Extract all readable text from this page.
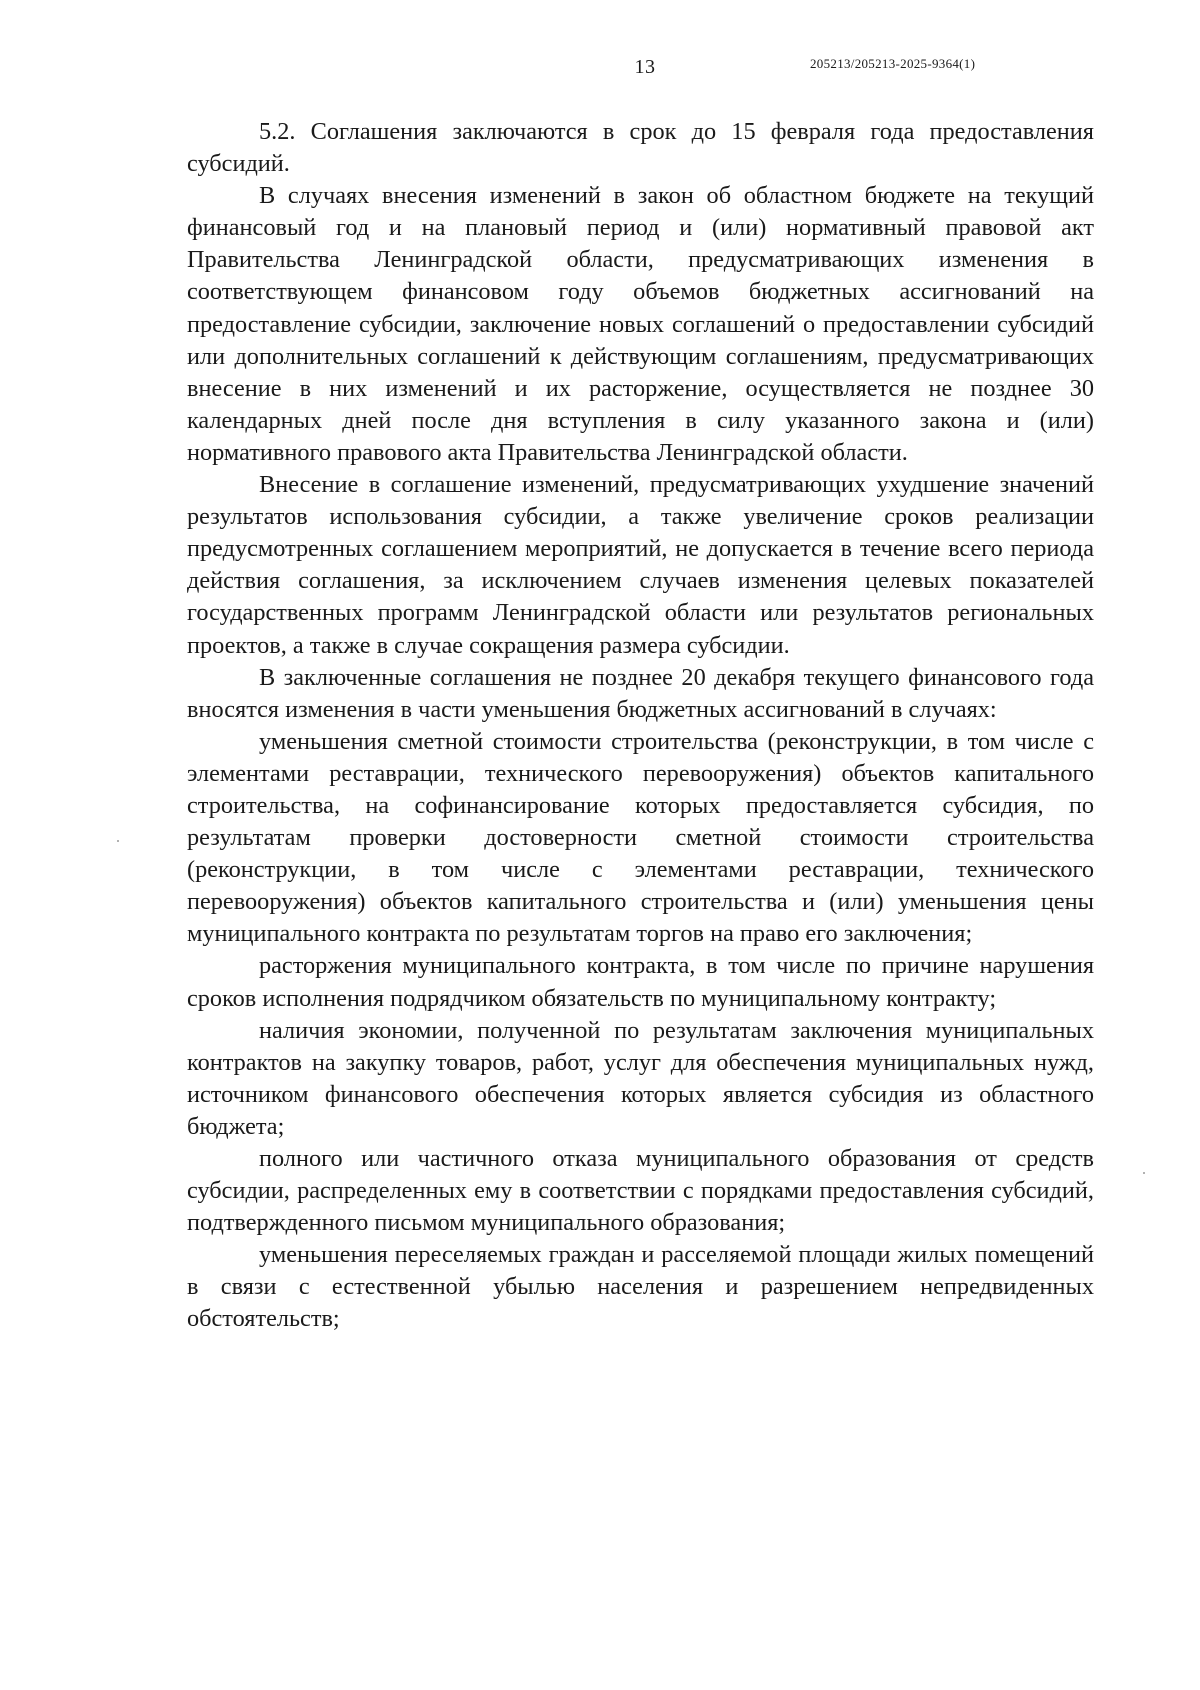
13	205213/205213-2025-9364(1)

5.2. Соглашения заключаются в срок до 15 февраля года предоставления субсидий.

В случаях внесения изменений в закон об областном бюджете на текущий финансовый год и на плановый период и (или) нормативный правовой акт Правительства Ленинградской области, предусматривающих изменения в соответствующем финансовом году объемов бюджетных ассигнований на предоставление субсидии, заключение новых соглашений о предоставлении субсидий или дополнительных соглашений к действующим соглашениям, предусматривающих внесение в них изменений и их расторжение, осуществляется не позднее 30 календарных дней после дня вступления в силу указанного закона и (или) нормативного правового акта Правительства Ленинградской области.

Внесение в соглашение изменений, предусматривающих ухудшение значений результатов использования субсидии, а также увеличение сроков реализации предусмотренных соглашением мероприятий, не допускается в течение всего периода действия соглашения, за исключением случаев изменения целевых показателей государственных программ Ленинградской области или результатов региональных проектов, а также в случае сокращения размера субсидии.

В заключенные соглашения не позднее 20 декабря текущего финансового года вносятся изменения в части уменьшения бюджетных ассигнований в случаях:

уменьшения сметной стоимости строительства (реконструкции, в том числе с элементами реставрации, технического перевооружения) объектов капитального строительства, на софинансирование которых предоставляется субсидия, по результатам проверки достоверности сметной стоимости строительства (реконструкции, в том числе с элементами реставрации, технического перевооружения) объектов капитального строительства и (или) уменьшения цены муниципального контракта по результатам торгов на право его заключения;

расторжения муниципального контракта, в том числе по причине нарушения сроков исполнения подрядчиком обязательств по муниципальному контракту;

наличия экономии, полученной по результатам заключения муниципальных контрактов на закупку товаров, работ, услуг для обеспечения муниципальных нужд, источником финансового обеспечения которых является субсидия из областного бюджета;

полного или частичного отказа муниципального образования от средств субсидии, распределенных ему в соответствии с порядками предоставления субсидий, подтвержденного письмом муниципального образования;

уменьшения переселяемых граждан и расселяемой площади жилых помещений в связи с естественной убылью населения и разрешением непредвиденных обстоятельств;
